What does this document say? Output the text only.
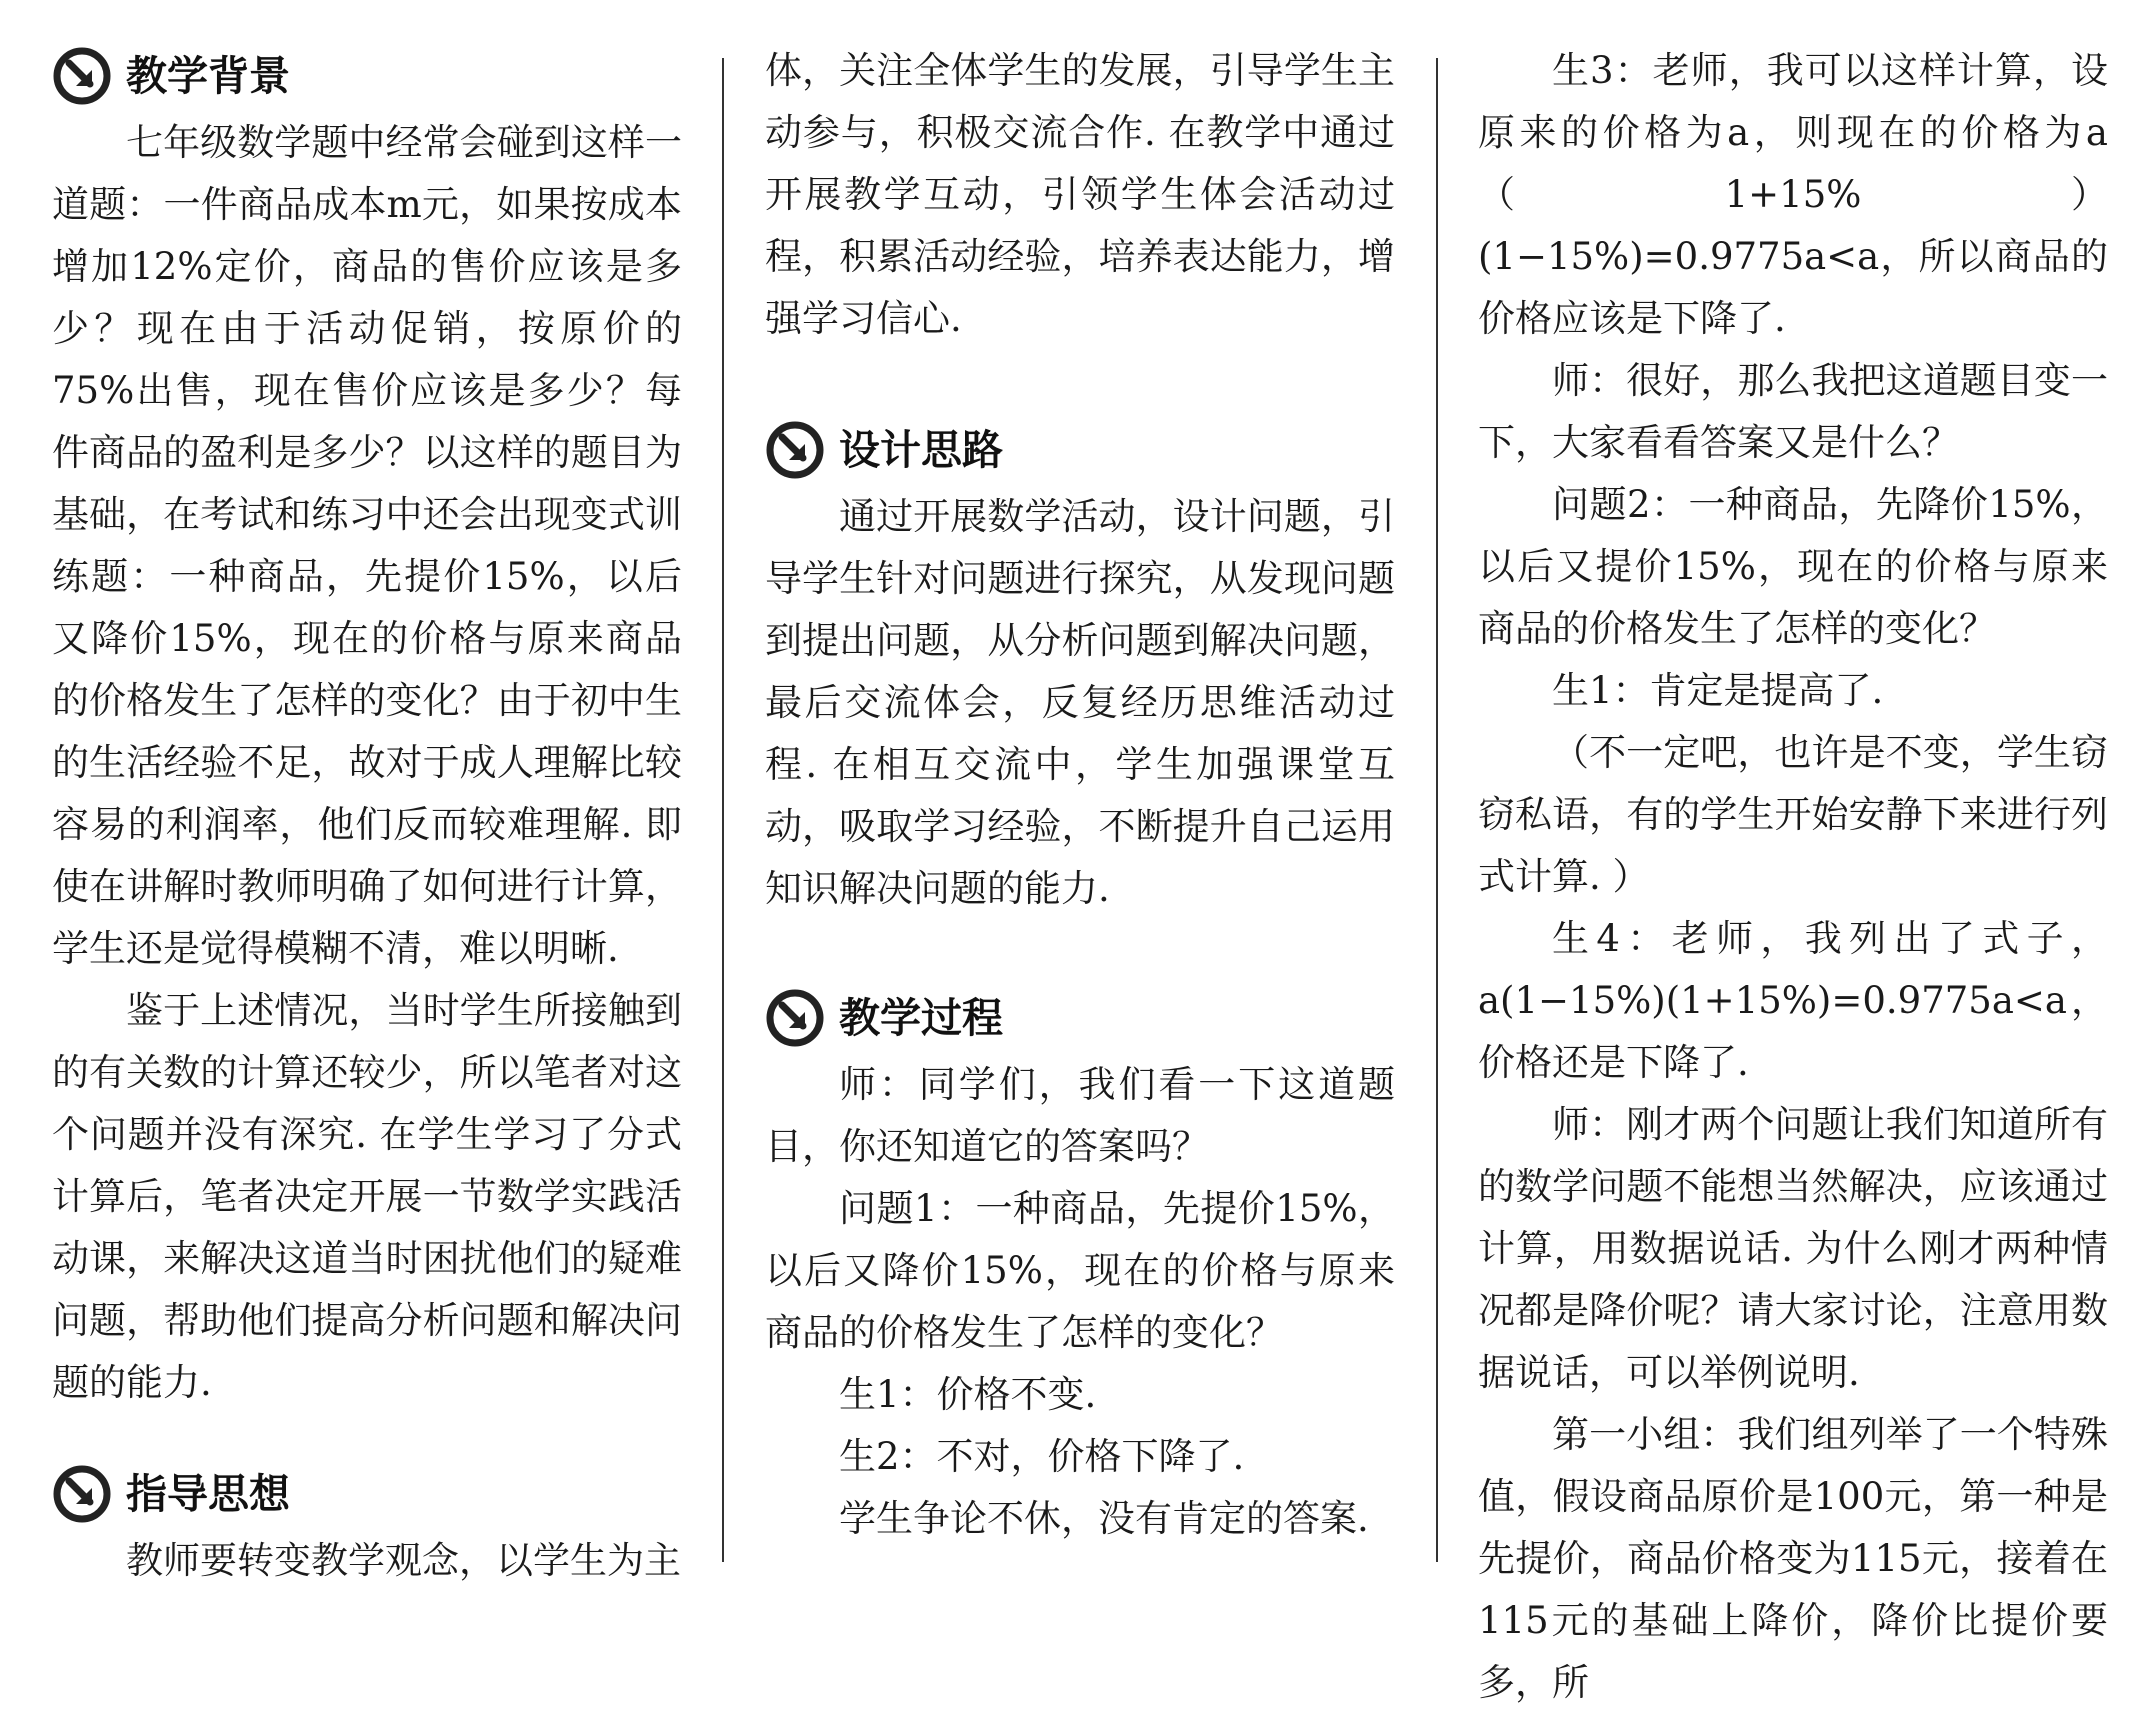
教学背景

七年级数学题中经常会碰到这样一道题：一件商品成本m元，如果按成本增加12%定价，商品的售价应该是多少？现在由于活动促销，按原价的75%出售，现在售价应该是多少？每件商品的盈利是多少？以这样的题目为基础，在考试和练习中还会出现变式训练题：一种商品，先提价15%，以后又降价15%，现在的价格与原来商品的价格发生了怎样的变化？由于初中生的生活经验不足，故对于成人理解比较容易的利润率，他们反而较难理解. 即使在讲解时教师明确了如何进行计算，学生还是觉得模糊不清，难以明晰.

鉴于上述情况，当时学生所接触到的有关数的计算还较少，所以笔者对这个问题并没有深究. 在学生学习了分式计算后，笔者决定开展一节数学实践活动课，来解决这道当时困扰他们的疑难问题，帮助他们提高分析问题和解决问题的能力.

指导思想

教师要转变教学观念，以学生为主

体，关注全体学生的发展，引导学生主动参与，积极交流合作. 在教学中通过开展教学互动，引领学生体会活动过程，积累活动经验，培养表达能力，增强学习信心.

设计思路

通过开展数学活动，设计问题，引导学生针对问题进行探究，从发现问题到提出问题，从分析问题到解决问题，最后交流体会，反复经历思维活动过程. 在相互交流中，学生加强课堂互动，吸取学习经验，不断提升自己运用知识解决问题的能力.

教学过程

师：同学们，我们看一下这道题目，你还知道它的答案吗？

问题1：一种商品，先提价15%，以后又降价15%，现在的价格与原来商品的价格发生了怎样的变化？

生1：价格不变.

生2：不对，价格下降了.

学生争论不休，没有肯定的答案.

生3：老师，我可以这样计算，设原来的价格为a，则现在的价格为a（1+15%）(1−15%)=0.9775a<a，所以商品的价格应该是下降了.

师：很好，那么我把这道题目变一下，大家看看答案又是什么？

问题2：一种商品，先降价15%，以后又提价15%，现在的价格与原来商品的价格发生了怎样的变化？

生1：肯定是提高了.

（不一定吧，也许是不变，学生窃窃私语，有的学生开始安静下来进行列式计算. ）

生4：老师，我列出了式子，a(1−15%)(1+15%)=0.9775a<a，价格还是下降了.

师：刚才两个问题让我们知道所有的数学问题不能想当然解决，应该通过计算，用数据说话. 为什么刚才两种情况都是降价呢？请大家讨论，注意用数据说话，可以举例说明.

第一小组：我们组列举了一个特殊值，假设商品原价是100元，第一种是先提价，商品价格变为115元，接着在115元的基础上降价，降价比提价要多，所
